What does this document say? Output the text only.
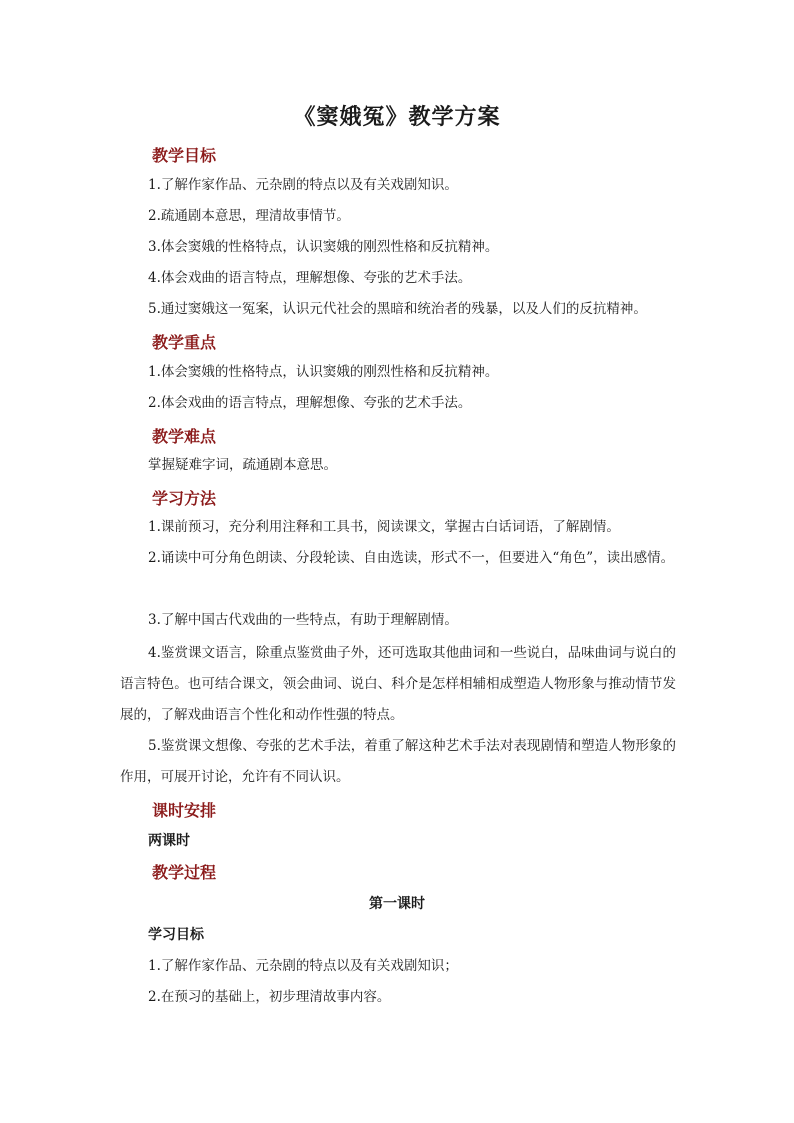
《窦娥冤》教学方案
教学目标

1.了解作家作品、元杂剧的特点以及有关戏剧知识。

2.疏通剧本意思，理清故事情节。

3.体会窦娥的性格特点，认识窦娥的刚烈性格和反抗精神。

4.体会戏曲的语言特点，理解想像、夸张的艺术手法。

5.通过窦娥这一冤案，认识元代社会的黑暗和统治者的残暴，以及人们的反抗精神。

教学重点

1.体会窦娥的性格特点，认识窦娥的刚烈性格和反抗精神。

2.体会戏曲的语言特点，理解想像、夸张的艺术手法。

教学难点

掌握疑难字词，疏通剧本意思。

学习方法

1.课前预习，充分利用注释和工具书，阅读课文，掌握古白话词语，了解剧情。

2.诵读中可分角色朗读、分段轮读、自由选读，形式不一，但要进入“角色”，读出感情。

3.了解中国古代戏曲的一些特点，有助于理解剧情。

4.鉴赏课文语言，除重点鉴赏曲子外，还可选取其他曲词和一些说白，品味曲词与说白的语言特色。也可结合课文，领会曲词、说白、科介是怎样相辅相成塑造人物形象与推动情节发展的，了解戏曲语言个性化和动作性强的特点。

5.鉴赏课文想像、夸张的艺术手法，着重了解这种艺术手法对表现剧情和塑造人物形象的作用，可展开讨论，允许有不同认识。

课时安排

两课时

教学过程

第一课时

学习目标

1.了解作家作品、元杂剧的特点以及有关戏剧知识；

2.在预习的基础上，初步理清故事内容。
